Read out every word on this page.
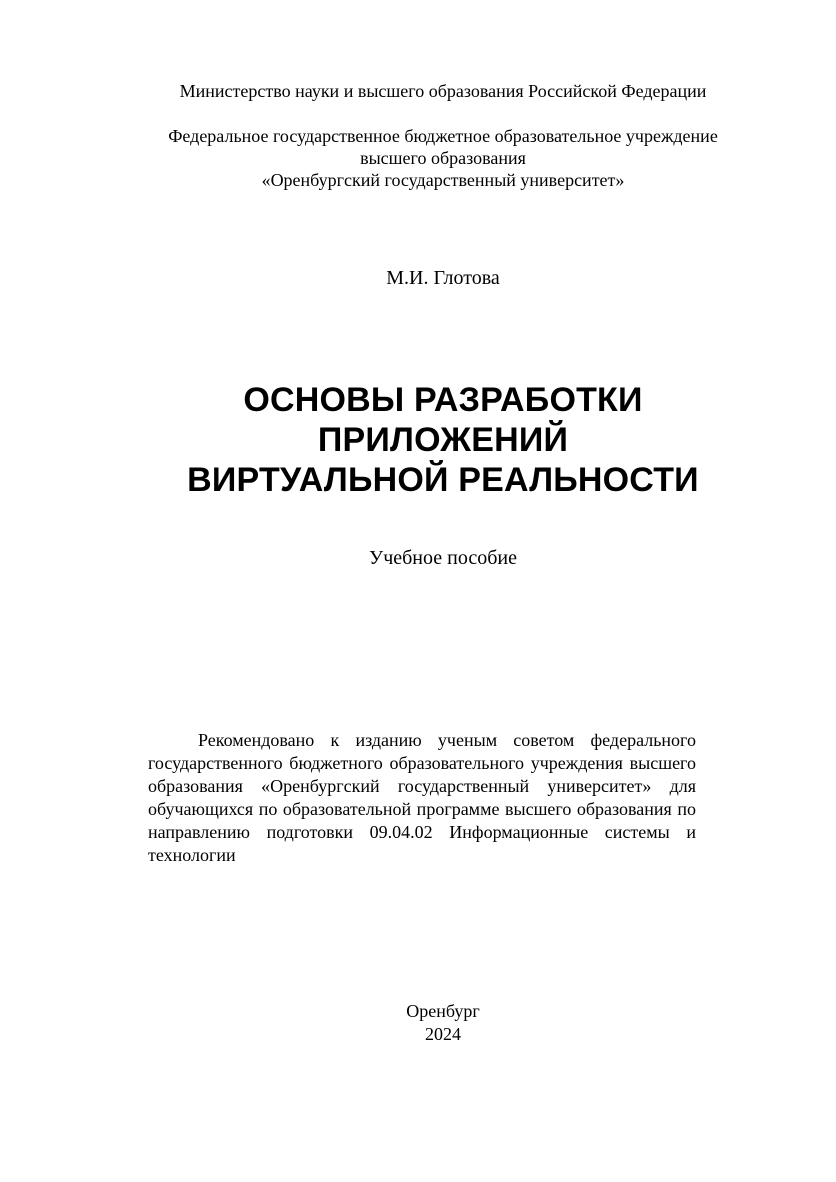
Министерство науки и высшего образования Российской Федерации
Федеральное государственное бюджетное образовательное учреждение
высшего образования
«Оренбургский государственный университет»
М.И. Глотова
ОСНОВЫ РАЗРАБОТКИ
ПРИЛОЖЕНИЙ
ВИРТУАЛЬНОЙ РЕАЛЬНОСТИ
Учебное пособие
Рекомендовано к изданию ученым советом федерального государственного бюджетного образовательного учреждения высшего образования «Оренбургский государственный университет» для обучающихся по образовательной программе высшего образования по направлению подготовки 09.04.02 Информационные системы и технологии
Оренбург
2024
